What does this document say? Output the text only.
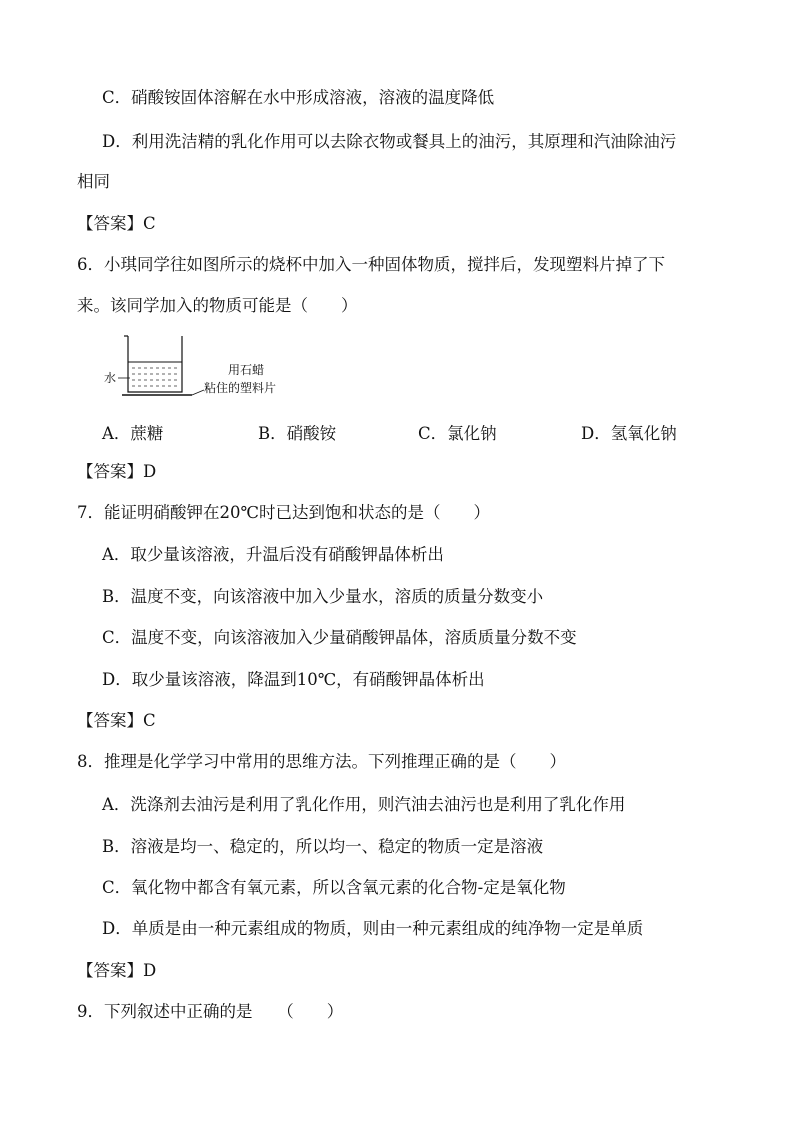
C．硝酸铵固体溶解在水中形成溶液，溶液的温度降低
D．利用洗洁精的乳化作用可以去除衣物或餐具上的油污，其原理和汽油除油污
相同
【答案】C
6．小琪同学往如图所示的烧杯中加入一种固体物质，搅拌后，发现塑料片掉了下
来。该同学加入的物质可能是（　　）
水
用石蜡
粘住的塑料片
A．蔗糖	B．硝酸铵	C．氯化钠	D．氢氧化钠
【答案】D
7．能证明硝酸钾在20℃时已达到饱和状态的是（　　）
A．取少量该溶液，升温后没有硝酸钾晶体析出
B．温度不变，向该溶液中加入少量水，溶质的质量分数变小
C．温度不变，向该溶液加入少量硝酸钾晶体，溶质质量分数不变
D．取少量该溶液，降温到10℃，有硝酸钾晶体析出
【答案】C
8．推理是化学学习中常用的思维方法。下列推理正确的是（　　）
A．洗涤剂去油污是利用了乳化作用，则汽油去油污也是利用了乳化作用
B．溶液是均一、稳定的，所以均一、稳定的物质一定是溶液
C．氧化物中都含有氧元素，所以含氧元素的化合物-定是氧化物
D．单质是由一种元素组成的物质，则由一种元素组成的纯净物一定是单质
【答案】D
9．下列叙述中正确的是　　（　　）
